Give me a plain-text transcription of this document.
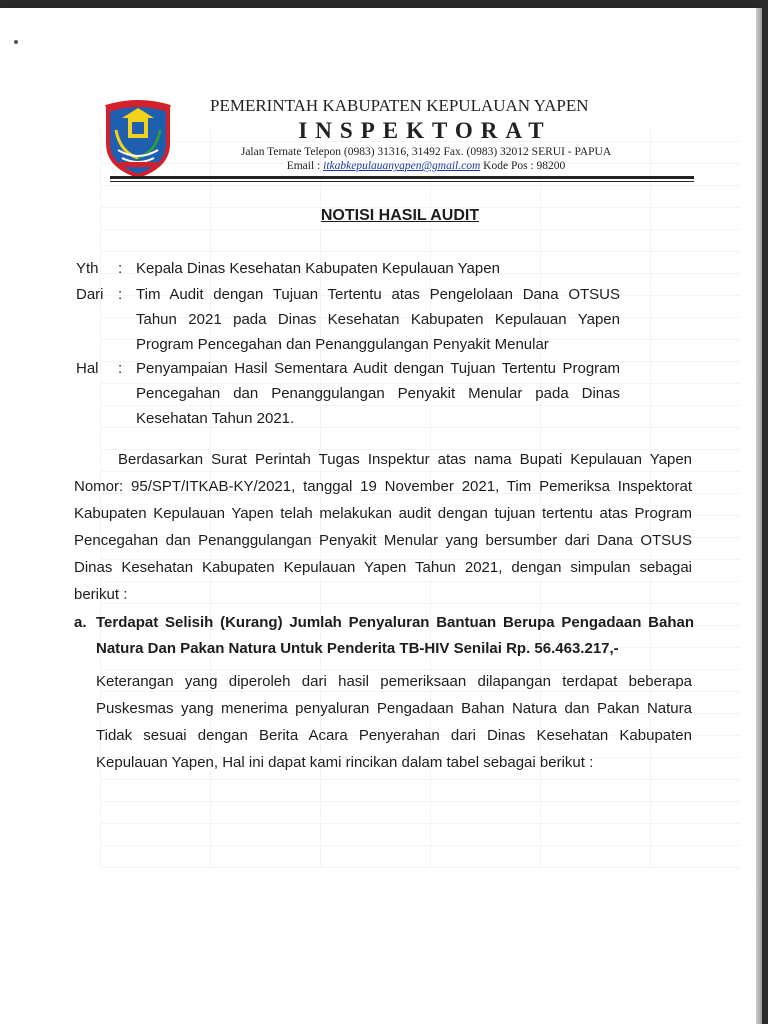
PEMERINTAH KABUPATEN KEPULAUAN YAPEN
INSPEKTORAT
Jalan Ternate Telepon (0983) 31316, 31492 Fax. (0983) 32012 SERUI - PAPUA
Email : itkabkepulauanyapen@gmail.com Kode Pos : 98200
NOTISI HASIL AUDIT
Yth	: Kepala Dinas Kesehatan Kabupaten Kepulauan Yapen
Dari : Tim Audit dengan Tujuan Tertentu atas Pengelolaan Dana OTSUS
Tahun 2021 pada Dinas Kesehatan Kabupaten Kepulauan Yapen
Program Pencegahan dan Penanggulangan Penyakit Menular
Hal	: Penyampaian Hasil Sementara Audit dengan Tujuan Tertentu Program
Pencegahan dan Penanggulangan Penyakit Menular pada Dinas
Kesehatan Tahun 2021.
Berdasarkan Surat Perintah Tugas Inspektur atas nama Bupati Kepulauan Yapen
Nomor: 95/SPT/ITKAB-KY/2021, tanggal 19 November 2021, Tim Pemeriksa Inspektorat
Kabupaten Kepulauan Yapen telah melakukan audit dengan tujuan tertentu atas Program
Pencegahan dan Penanggulangan Penyakit Menular yang bersumber dari Dana OTSUS
Dinas Kesehatan Kabupaten Kepulauan Yapen Tahun 2021, dengan simpulan sebagai
berikut :
a. Terdapat Selisih (Kurang) Jumlah Penyaluran Bantuan Berupa Pengadaan Bahan
Natura Dan Pakan Natura Untuk Penderita TB-HIV Senilai Rp. 56.463.217,-
Keterangan yang diperoleh dari hasil pemeriksaan dilapangan terdapat beberapa
Puskesmas yang menerima penyaluran Pengadaan Bahan Natura dan Pakan Natura
Tidak sesuai dengan Berita Acara Penyerahan dari Dinas Kesehatan Kabupaten
Kepulauan Yapen, Hal ini dapat kami rincikan dalam tabel sebagai berikut :
